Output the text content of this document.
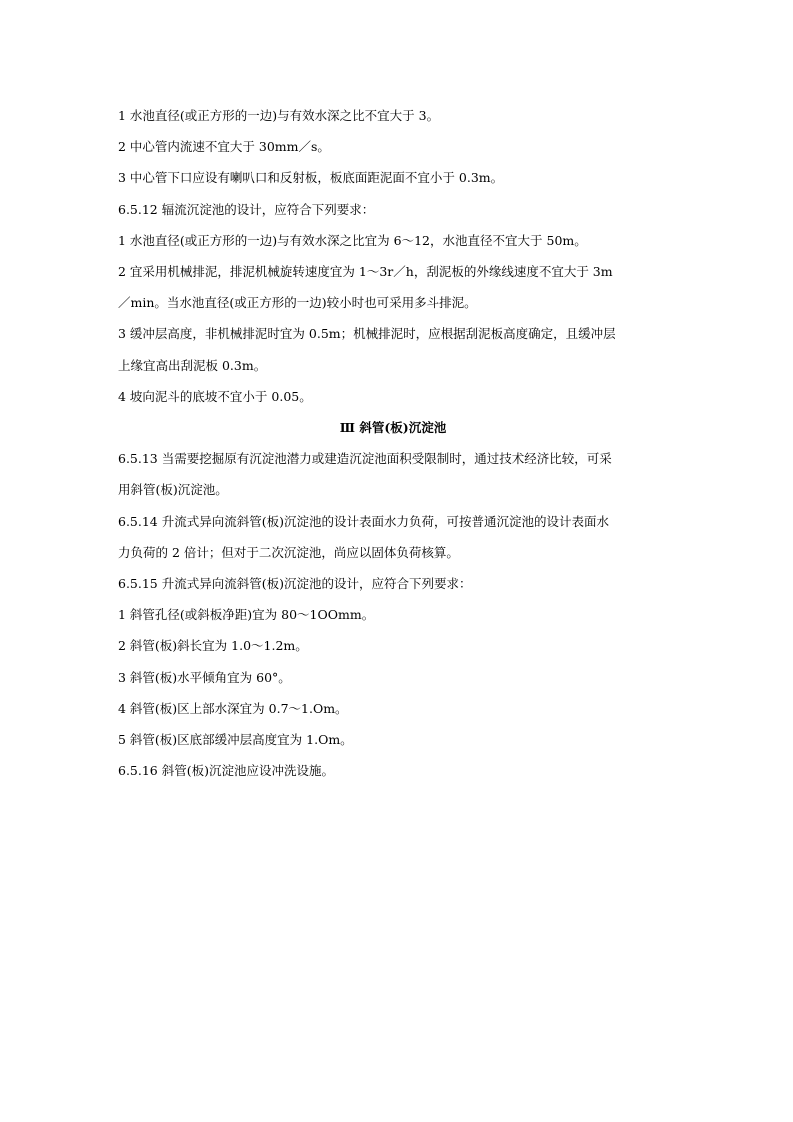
1 水池直径(或正方形的一边)与有效水深之比不宜大于 3。

2 中心管内流速不宜大于 30mm／s。

3 中心管下口应设有喇叭口和反射板，板底面距泥面不宜小于 0.3m。

6.5.12 辐流沉淀池的设计，应符合下列要求：

1 水池直径(或正方形的一边)与有效水深之比宜为 6～12，水池直径不宜大于 50m。

2 宜采用机械排泥，排泥机械旋转速度宜为 1～3r／h，刮泥板的外缘线速度不宜大于 3m

／min。当水池直径(或正方形的一边)较小时也可采用多斗排泥。

3 缓冲层高度，非机械排泥时宜为 0.5m；机械排泥时，应根据刮泥板高度确定，且缓冲层

上缘宜高出刮泥板 0.3m。

4 坡向泥斗的底坡不宜小于 0.05。

Ⅲ 斜管(板)沉淀池

6.5.13 当需要挖掘原有沉淀池潜力或建造沉淀池面积受限制时，通过技术经济比较，可采

用斜管(板)沉淀池。

6.5.14 升流式异向流斜管(板)沉淀池的设计表面水力负荷，可按普通沉淀池的设计表面水

力负荷的 2 倍计；但对于二次沉淀池，尚应以固体负荷核算。

6.5.15 升流式异向流斜管(板)沉淀池的设计，应符合下列要求：

1 斜管孔径(或斜板净距)宜为 80～1OOmm。

2 斜管(板)斜长宜为 1.0～1.2m。

3 斜管(板)水平倾角宜为 60°。

4 斜管(板)区上部水深宜为 0.7～1.Om。

5 斜管(板)区底部缓冲层高度宜为 1.Om。

6.5.16 斜管(板)沉淀池应设冲洗设施。
